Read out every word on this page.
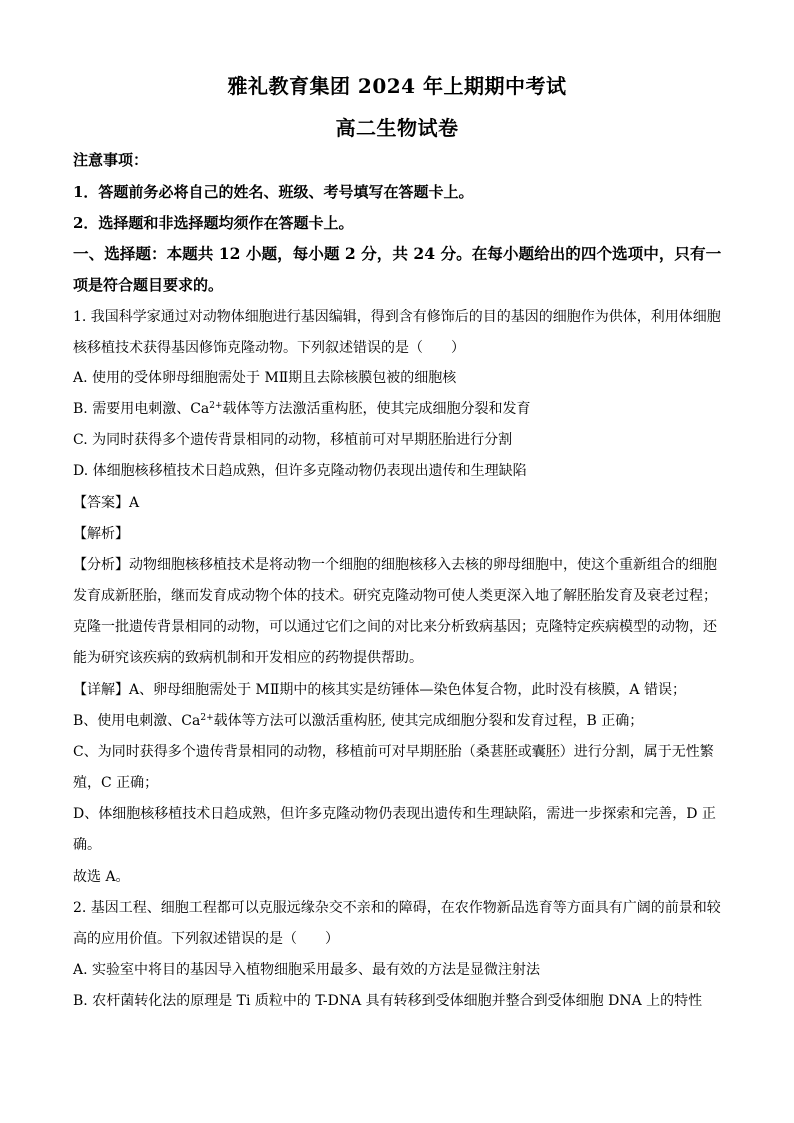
雅礼教育集团 2024 年上期期中考试
高二生物试卷
注意事项：
1．答题前务必将自己的姓名、班级、考号填写在答题卡上。
2．选择题和非选择题均须作在答题卡上。
一、选择题：本题共 12 小题，每小题 2 分，共 24 分。在每小题给出的四个选项中，只有一
项是符合题目要求的。
1. 我国科学家通过对动物体细胞进行基因编辑，得到含有修饰后的目的基因的细胞作为供体，利用体细胞
核移植技术获得基因修饰克隆动物。下列叙述错误的是（　　）
A. 使用的受体卵母细胞需处于 MⅡ期且去除核膜包被的细胞核
B. 需要用电刺激、$Ca^{2+}$载体等方法激活重构胚，使其完成细胞分裂和发育
C. 为同时获得多个遗传背景相同的动物，移植前可对早期胚胎进行分割
D. 体细胞核移植技术日趋成熟，但许多克隆动物仍表现出遗传和生理缺陷
【答案】A
【解析】
【分析】动物细胞核移植技术是将动物一个细胞的细胞核移入去核的卵母细胞中，使这个重新组合的细胞
发育成新胚胎，继而发育成动物个体的技术。研究克隆动物可使人类更深入地了解胚胎发育及衰老过程；
克隆一批遗传背景相同的动物，可以通过它们之间的对比来分析致病基因；克隆特定疾病模型的动物，还
能为研究该疾病的致病机制和开发相应的药物提供帮助。
【详解】A、卵母细胞需处于 MⅡ期中的核其实是纺锤体—染色体复合物，此时没有核膜，A 错误；
B、使用电刺激、$Ca^{2+}$载体等方法可以激活重构胚, 使其完成细胞分裂和发育过程，B 正确；
C、为同时获得多个遗传背景相同的动物，移植前可对早期胚胎（桑葚胚或囊胚）进行分割，属于无性繁
殖，C 正确；
D、体细胞核移植技术日趋成熟，但许多克隆动物仍表现出遗传和生理缺陷，需进一步探索和完善，D 正
确。
故选 A。
2. 基因工程、细胞工程都可以克服远缘杂交不亲和的障碍，在农作物新品选育等方面具有广阔的前景和较
高的应用价值。下列叙述错误的是（　　）
A. 实验室中将目的基因导入植物细胞采用最多、最有效的方法是显微注射法
B. 农杆菌转化法的原理是 Ti 质粒中的 T-DNA 具有转移到受体细胞并整合到受体细胞 DNA 上的特性
